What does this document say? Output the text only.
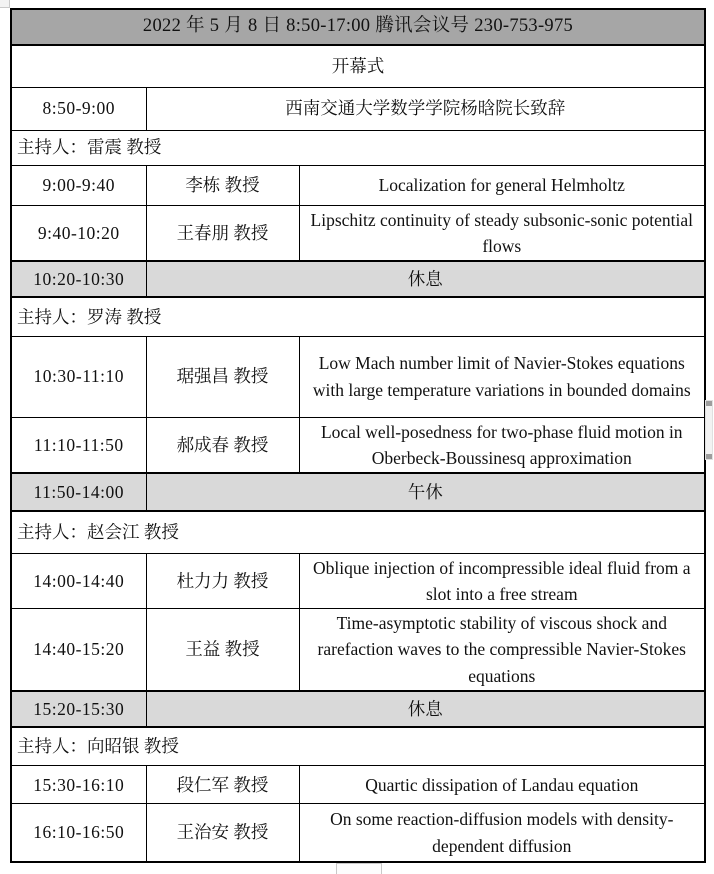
2022 年 5 月 8 日 8:50-17:00 腾讯会议号 230-753-975		
开幕式		
8:50-9:00	西南交通大学数学学院杨晗院长致辞	
主持人：雷震 教授		
9:00-9:40	李栋 教授	Localization for general Helmholtz
9:40-10:20	王春朋 教授	Lipschitz continuity of steady subsonic-sonic potential flows
10:20-10:30	休息	
主持人：罗涛 教授		
10:30-11:10	琚强昌 教授	Low Mach number limit of Navier-Stokes equations with large temperature variations in bounded domains
11:10-11:50	郝成春 教授	Local well-posedness for two-phase fluid motion in Oberbeck-Boussinesq approximation
11:50-14:00	午休	
主持人：赵会江 教授		
14:00-14:40	杜力力 教授	Oblique injection of incompressible ideal fluid from a slot into a free stream
14:40-15:20	王益 教授	Time-asymptotic stability of viscous shock and rarefaction waves to the compressible Navier-Stokes equations
15:20-15:30	休息	
主持人：向昭银 教授		
15:30-16:10	段仁军 教授	Quartic dissipation of Landau equation
16:10-16:50	王治安 教授	On some reaction-diffusion models with density-dependent diffusion
